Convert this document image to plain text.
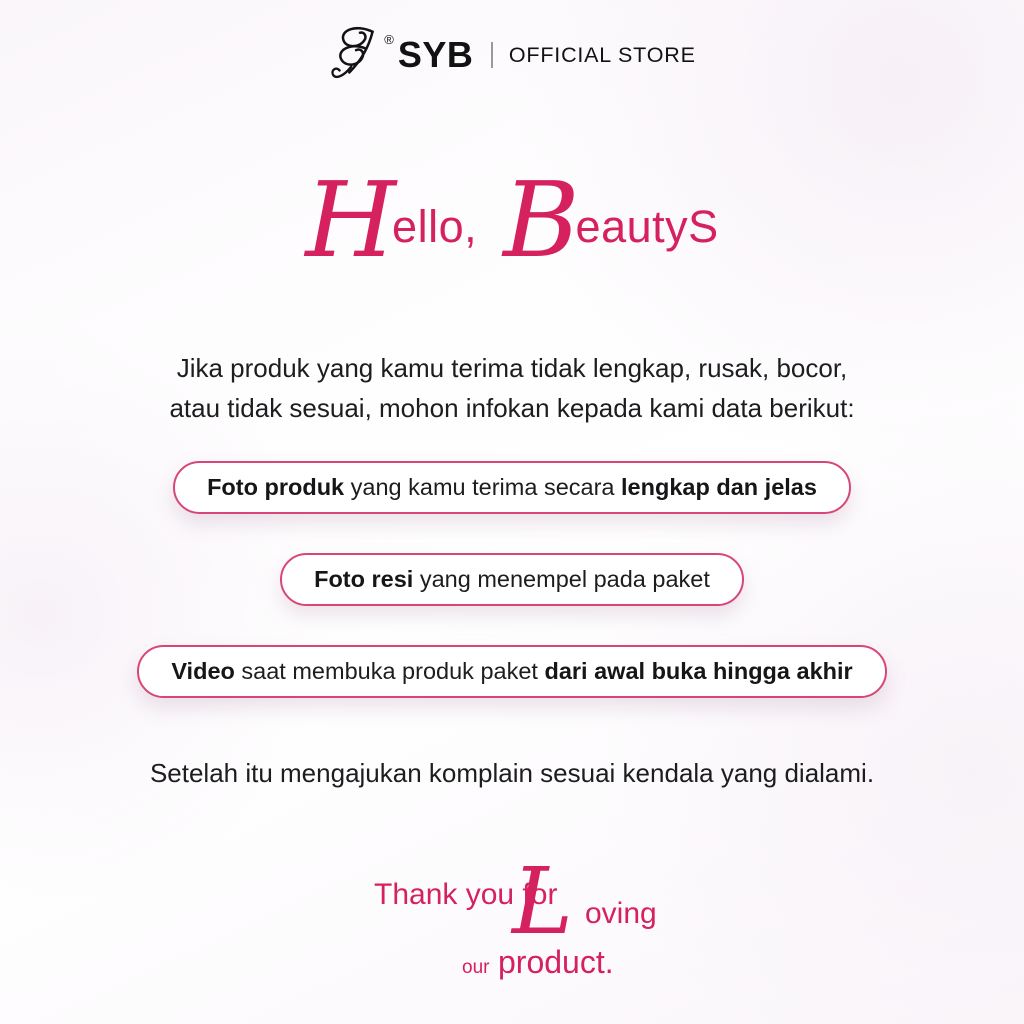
® SYB OFFICIAL STORE
Hello, BeautyS
Jika produk yang kamu terima tidak lengkap, rusak, bocor,
atau tidak sesuai, mohon infokan kepada kami data berikut:
Foto produk yang kamu terima secara lengkap dan jelas
Foto resi yang menempel pada paket
Video saat membuka produk paket dari awal buka hingga akhir
Setelah itu mengajukan komplain sesuai kendala yang dialami.
Thank you for
L oving
our product.
